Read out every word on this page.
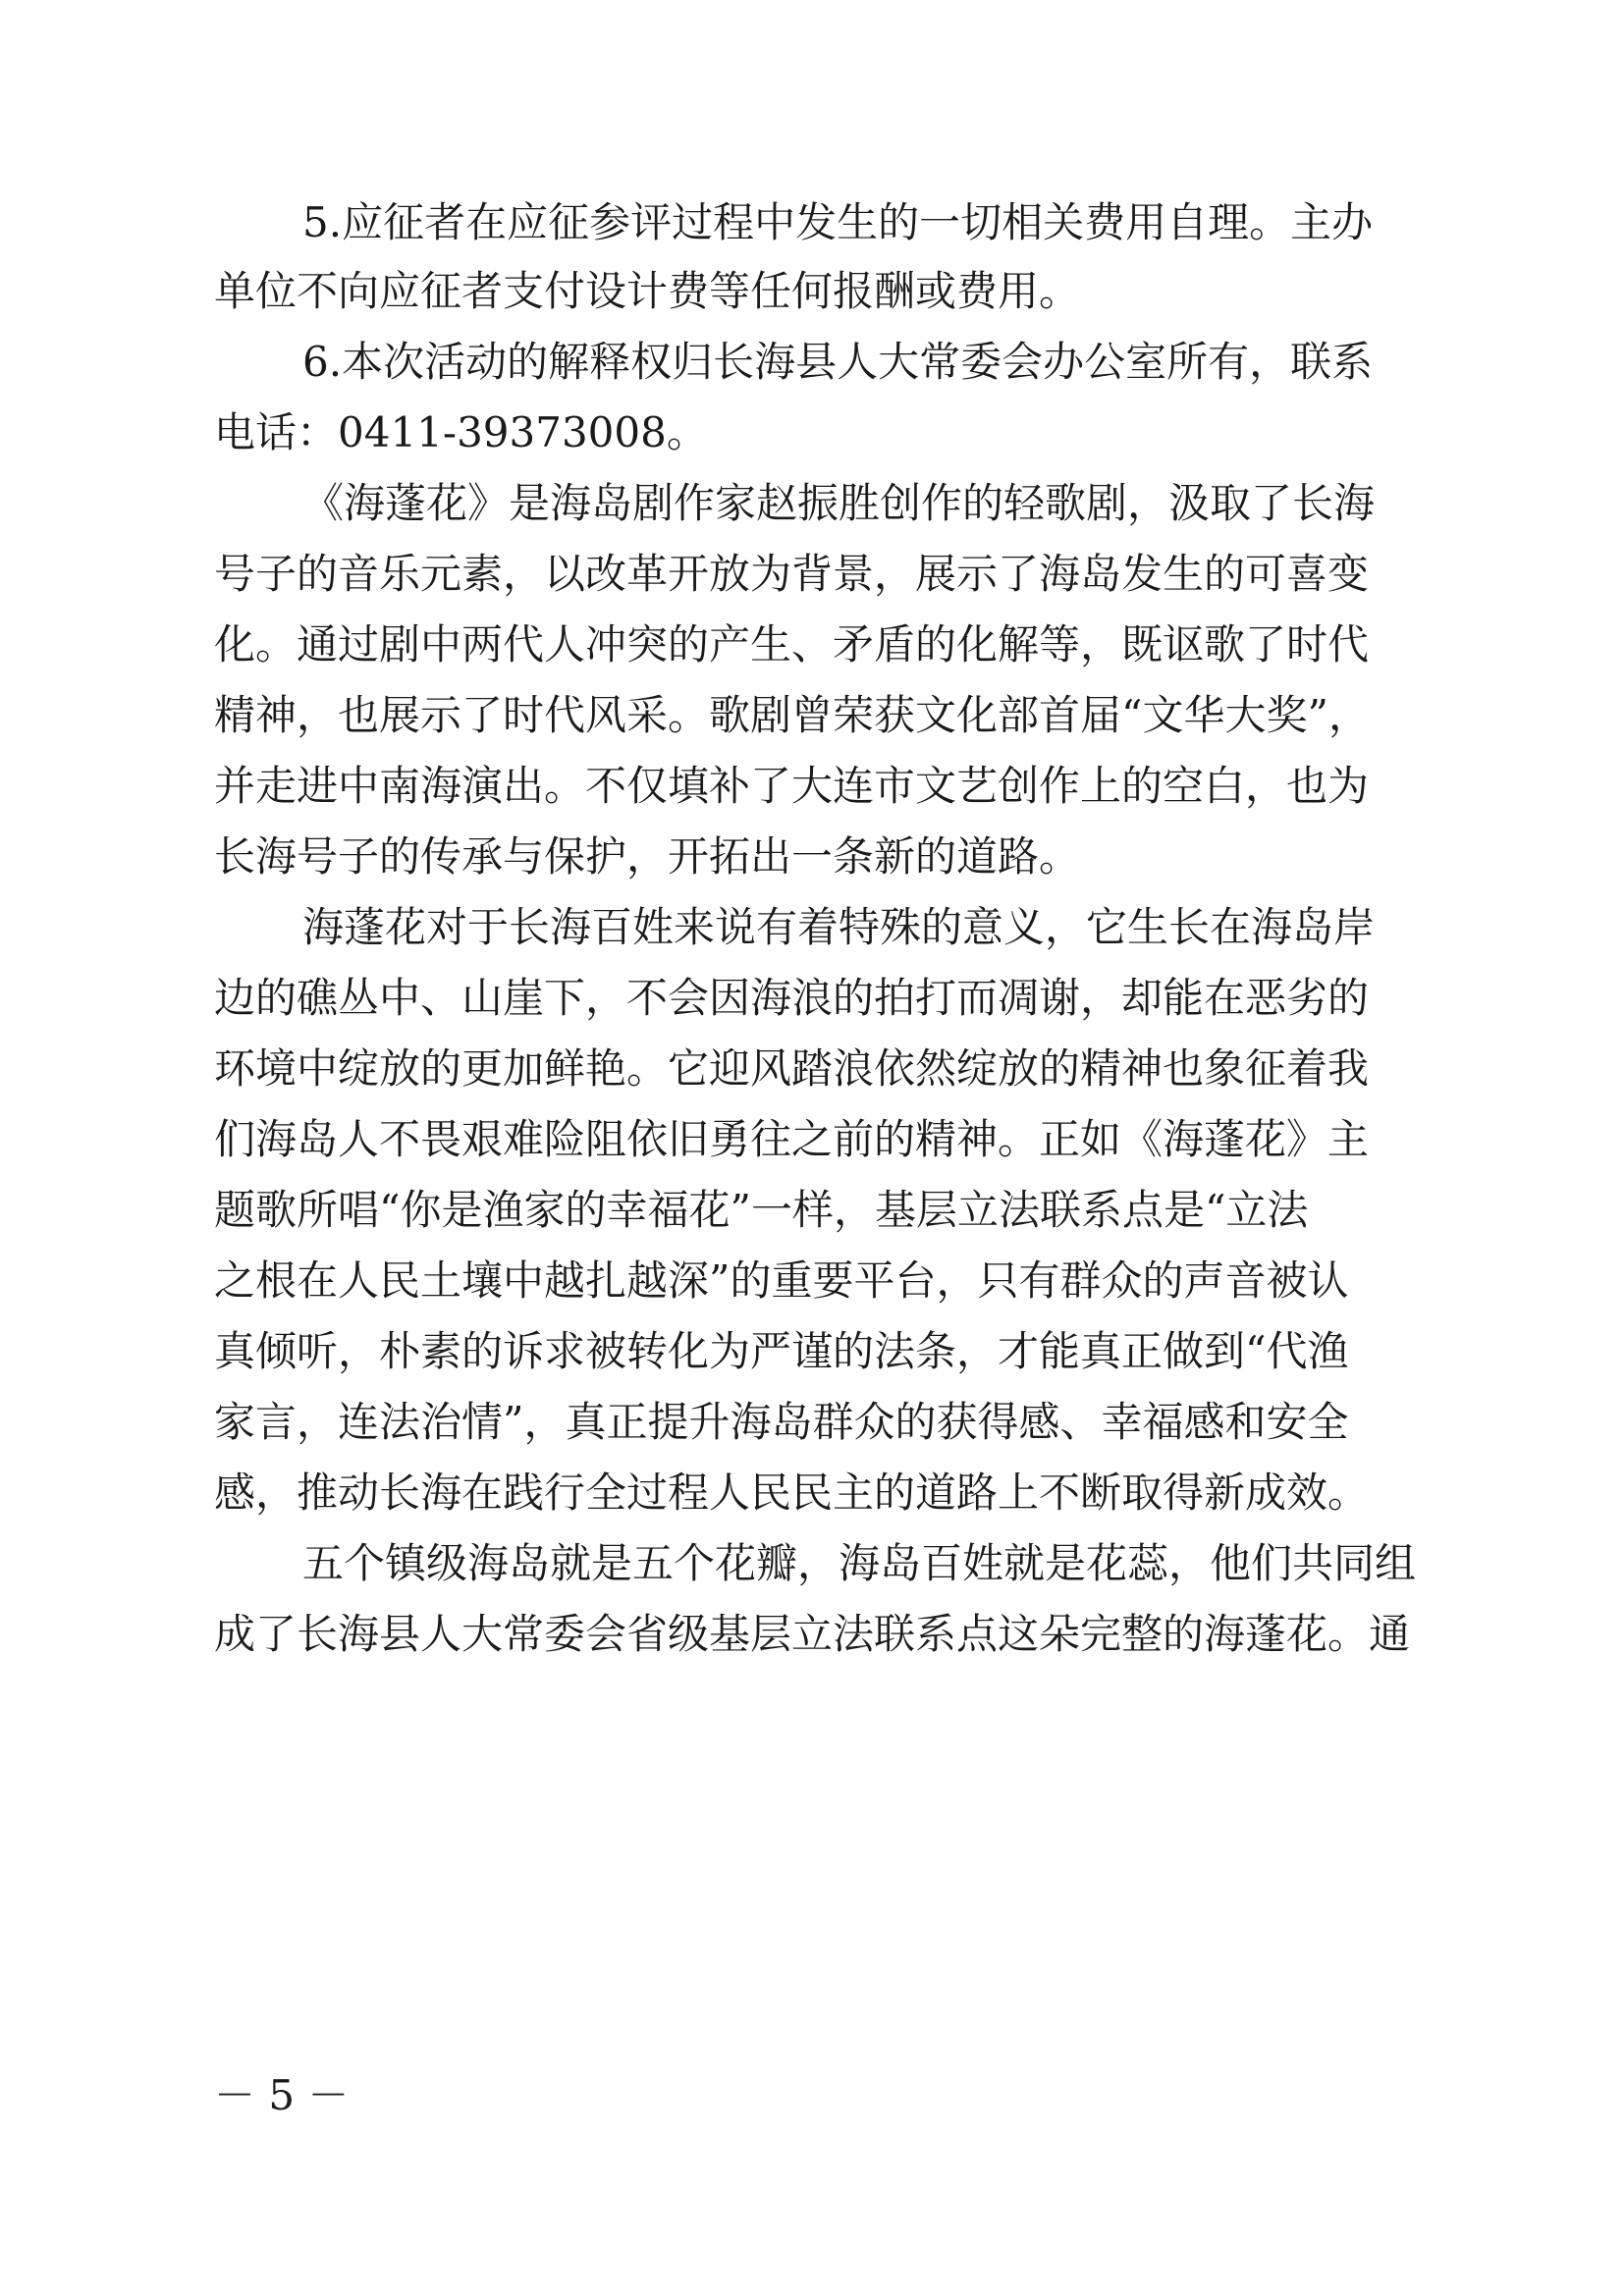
5.应征者在应征参评过程中发生的一切相关费用自理。主办
单位不向应征者支付设计费等任何报酬或费用。
6.本次活动的解释权归长海县人大常委会办公室所有，联系
电话：0411-39373008。
《海蓬花》是海岛剧作家赵振胜创作的轻歌剧，汲取了长海
号子的音乐元素，以改革开放为背景，展示了海岛发生的可喜变
化。通过剧中两代人冲突的产生、矛盾的化解等，既讴歌了时代
精神，也展示了时代风采。歌剧曾荣获文化部首届“文华大奖”，
并走进中南海演出。不仅填补了大连市文艺创作上的空白，也为
长海号子的传承与保护，开拓出一条新的道路。
海蓬花对于长海百姓来说有着特殊的意义，它生长在海岛岸
边的礁丛中、山崖下，不会因海浪的拍打而凋谢，却能在恶劣的
环境中绽放的更加鲜艳。它迎风踏浪依然绽放的精神也象征着我
们海岛人不畏艰难险阻依旧勇往之前的精神。正如《海蓬花》主
题歌所唱“你是渔家的幸福花”一样，基层立法联系点是“立法
之根在人民土壤中越扎越深”的重要平台，只有群众的声音被认
真倾听，朴素的诉求被转化为严谨的法条，才能真正做到“代渔
家言，连法治情”，真正提升海岛群众的获得感、幸福感和安全
感，推动长海在践行全过程人民民主的道路上不断取得新成效。
五个镇级海岛就是五个花瓣，海岛百姓就是花蕊，他们共同组
成了长海县人大常委会省级基层立法联系点这朵完整的海蓬花。通
－ 5 －
